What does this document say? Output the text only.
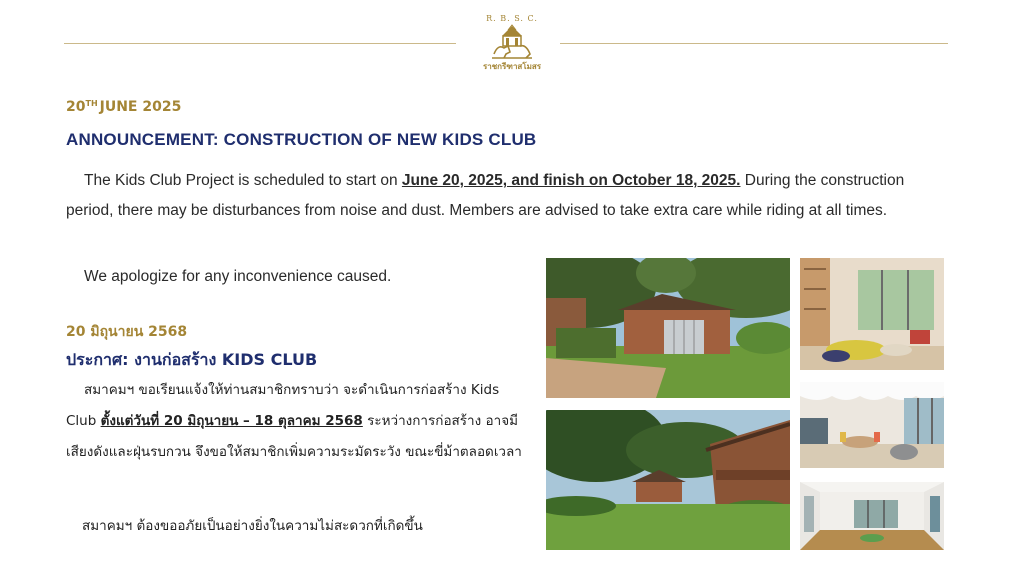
R. B. S. C.
ราชกรีฑาสโมสร
20TH JUNE 2025
ANNOUNCEMENT: CONSTRUCTION OF NEW KIDS CLUB
The Kids Club Project is scheduled to start on June 20, 2025, and finish on October 18, 2025. During the construction period, there may be disturbances from noise and dust. Members are advised to take extra care while riding at all times.
We apologize for any inconvenience caused.
20 มิถุนายน 2568
ประกาศ: งานก่อสร้าง KIDS CLUB
สมาคมฯ ขอเรียนแจ้งให้ท่านสมาชิกทราบว่า จะดำเนินการก่อสร้าง Kids Club ตั้งแต่วันที่ 20 มิถุนายน – 18 ตุลาคม 2568 ระหว่างการก่อสร้าง อาจมีเสียงดังและฝุ่นรบกวน จึงขอให้สมาชิกเพิ่มความระมัดระวัง ขณะขี่ม้าตลอดเวลา
สมาคมฯ ต้องขออภัยเป็นอย่างยิ่งในความไม่สะดวกที่เกิดขึ้น
